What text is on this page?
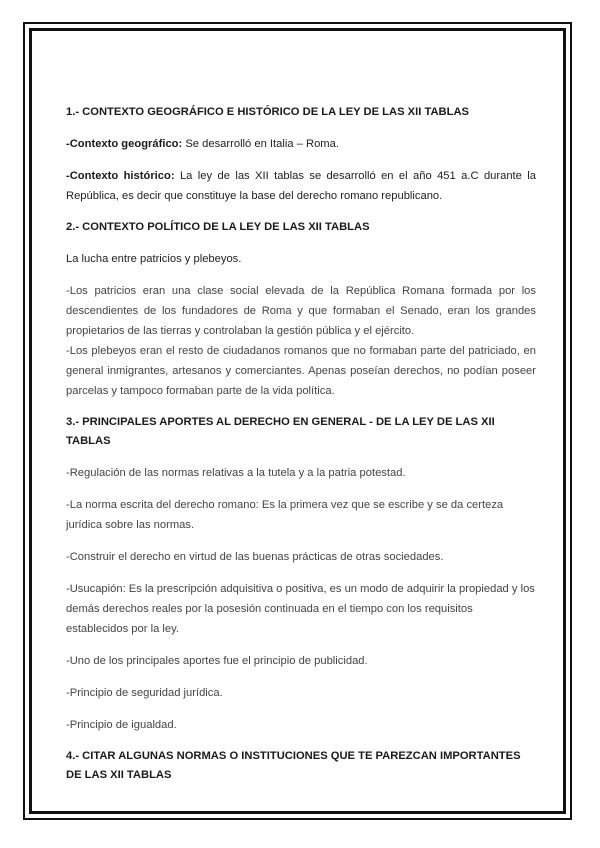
1.- CONTEXTO GEOGRÁFICO E HISTÓRICO DE LA LEY DE LAS XII TABLAS

-Contexto geográfico: Se desarrolló en Italia – Roma.

-Contexto histórico: La ley de las XII tablas se desarrolló en el año 451 a.C durante la República, es decir que constituye la base del derecho romano republicano.

2.- CONTEXTO POLÍTICO DE LA LEY DE LAS XII TABLAS

La lucha entre patricios y plebeyos.

-Los patricios eran una clase social elevada de la República Romana formada por los descendientes de los fundadores de Roma y que formaban el Senado, eran los grandes propietarios de las tierras y controlaban la gestión pública y el ejército.

-Los plebeyos eran el resto de ciudadanos romanos que no formaban parte del patriciado, en general inmigrantes, artesanos y comerciantes. Apenas poseían derechos, no podían poseer parcelas y tampoco formaban parte de la vida política.

3.- PRINCIPALES APORTES AL DERECHO EN GENERAL - DE LA LEY DE LAS XII TABLAS

-Regulación de las normas relativas a la tutela y a la patria potestad.

-La norma escrita del derecho romano: Es la primera vez que se escribe y se da certeza jurídica sobre las normas.

-Construir el derecho en virtud de las buenas prácticas de otras sociedades.

-Usucapión: Es la prescripción adquisitiva o positiva, es un modo de adquirir la propiedad y los demás derechos reales por la posesión continuada en el tiempo con los requisitos establecidos por la ley.

-Uno de los principales aportes fue el principio de publicidad.

-Principio de seguridad jurídica.

-Principio de igualdad.

4.- CITAR ALGUNAS NORMAS O INSTITUCIONES QUE TE PAREZCAN IMPORTANTES DE LAS XII TABLAS
